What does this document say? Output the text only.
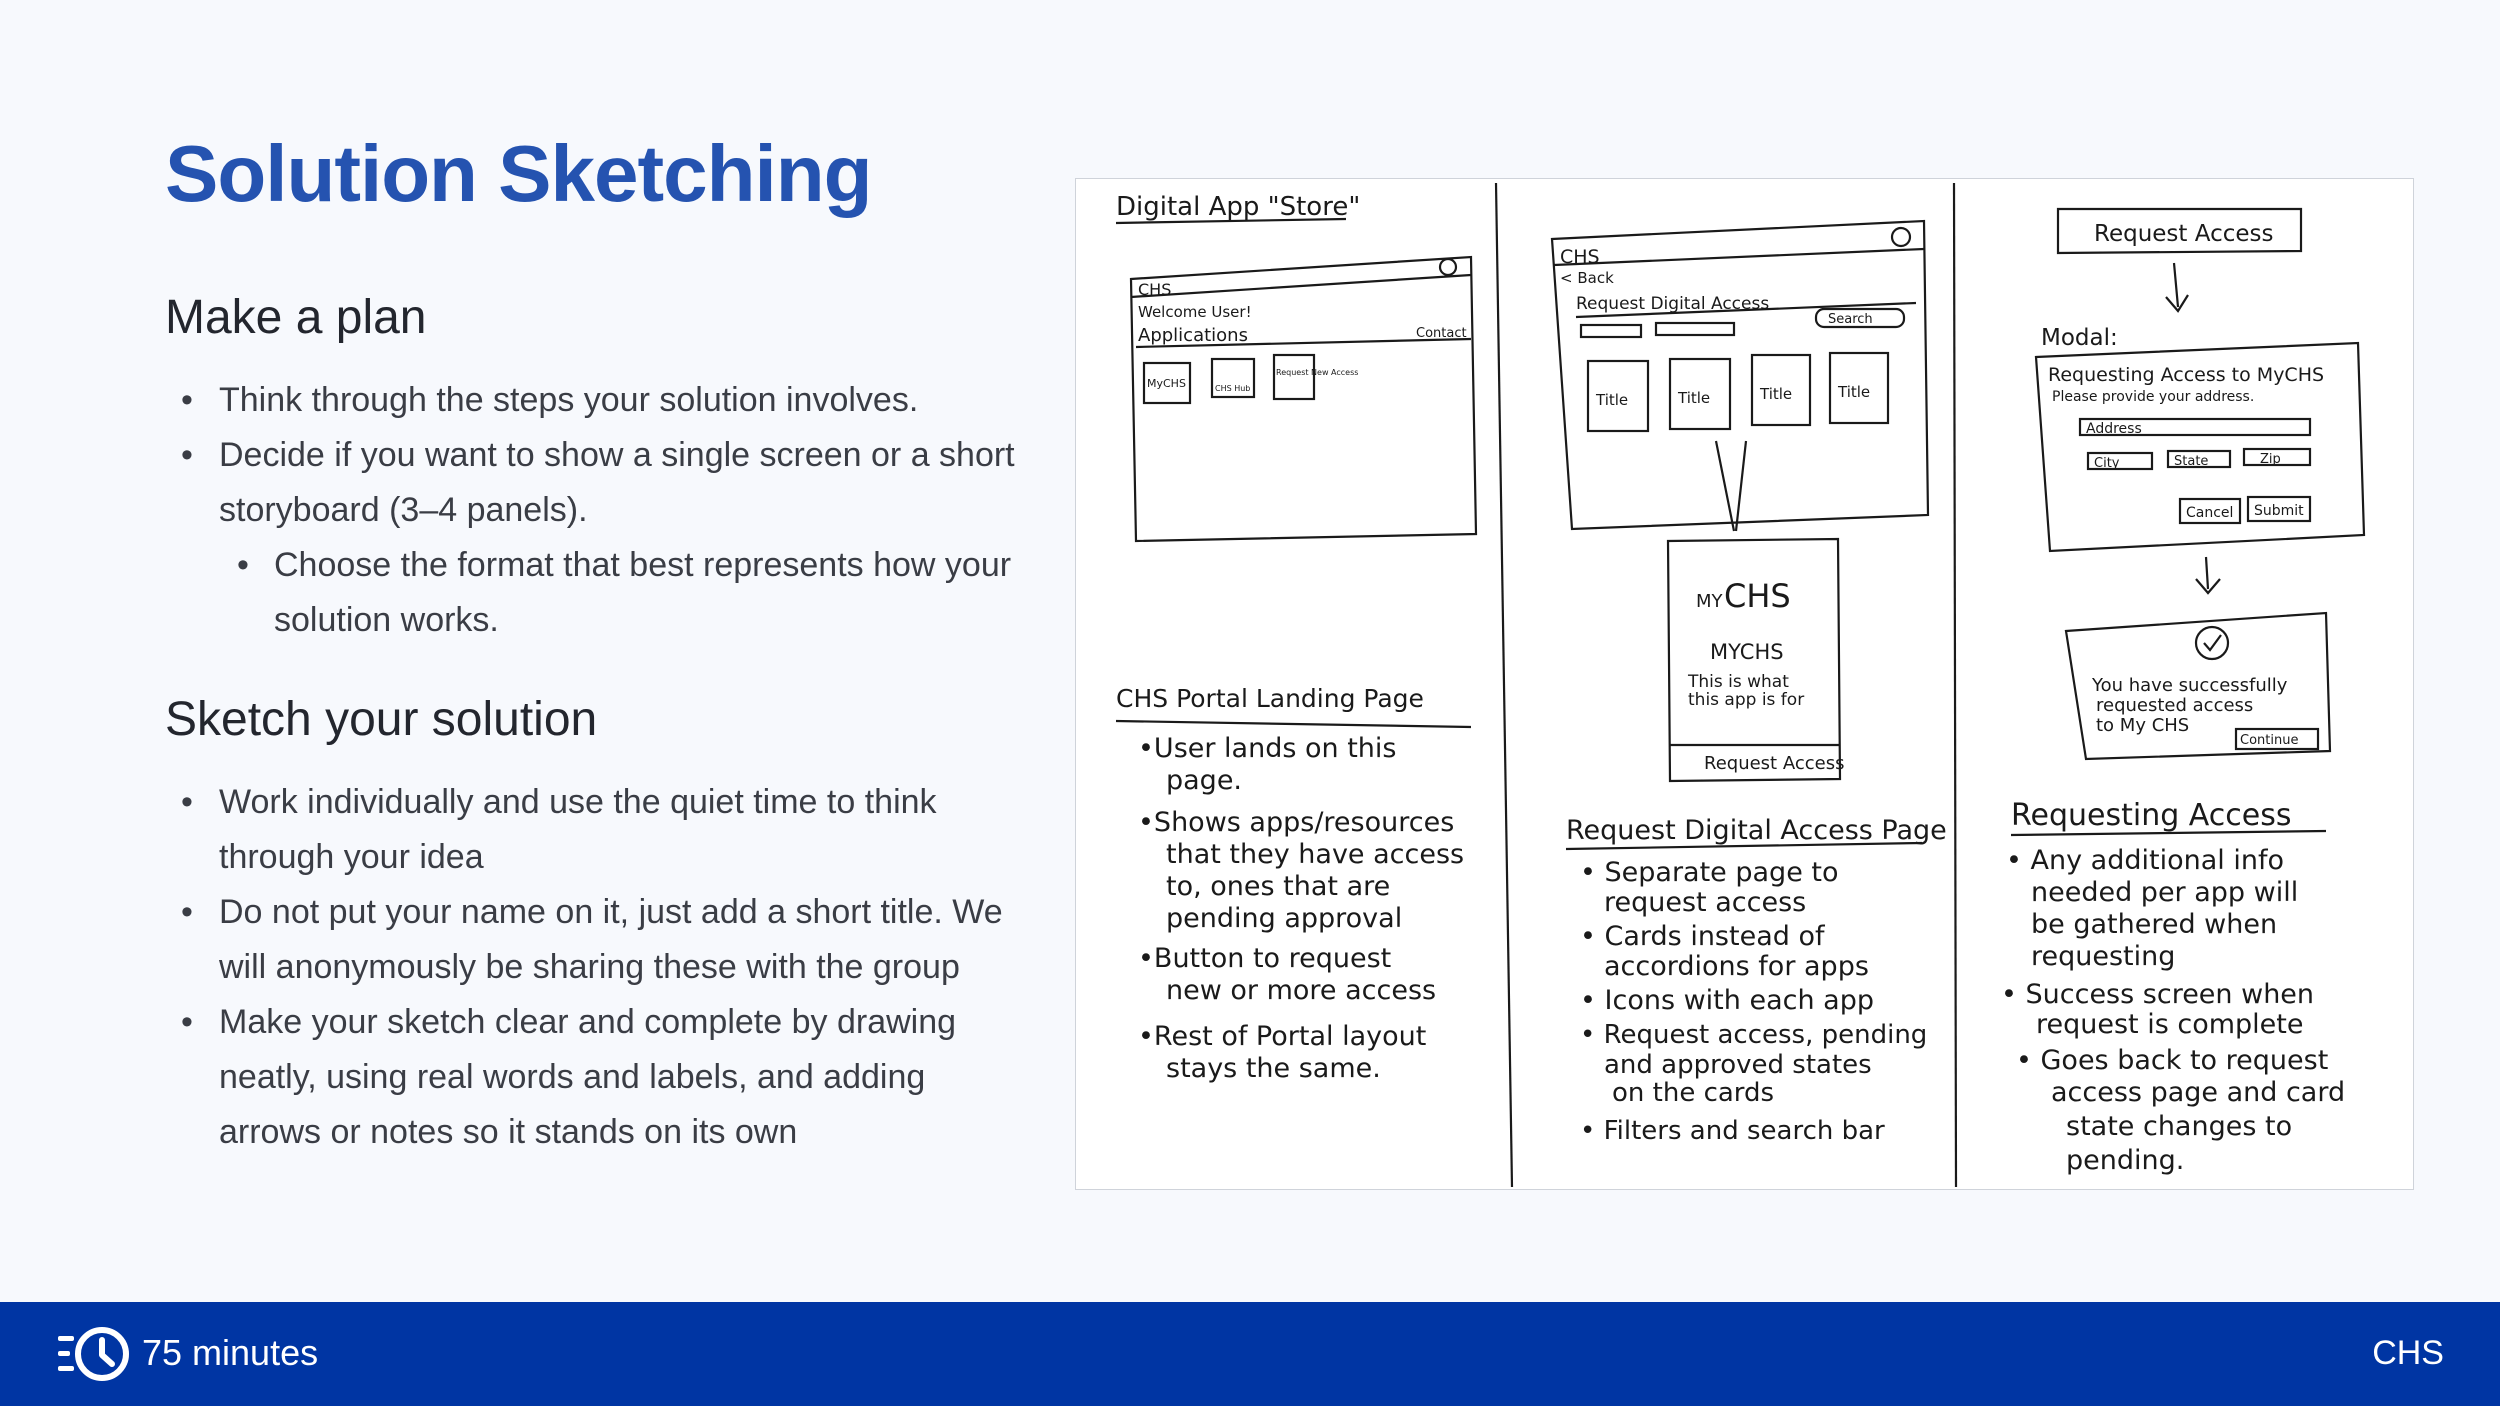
Solution Sketching
Make a plan
• Think through the steps your solution involves.
• Decide if you want to show a single screen or a short storyboard (3–4 panels).
• Choose the format that best represents how your solution works.
Sketch your solution
• Work individually and use the quiet time to think through your idea
• Do not put your name on it, just add a short title. We will anonymously be sharing these with the group
• Make your sketch clear and complete by drawing neatly, using real words and labels, and adding arrows or notes so it stands on its own
Digital App "Store"
CHS
Welcome User!
Applications	Contact
MyCHS	CHS Hub
Request New Access
CHS Portal Landing Page
•User lands on this
page.
•Shows apps/resources
that they have access
to, ones that are
pending approval
•Button to request
new or more access
•Rest of Portal layout
stays the same.
CHS
< Back
Request Digital Access
Search
Title	Title	Title	Title
MY CHS
MYCHS
This is what
this app is for
Request Access
Request Digital Access Page
• Separate page to
request access
• Cards instead of
accordions for apps
• Icons with each app
• Request access, pending
and approved states
on the cards
• Filters and search bar
Request Access
Modal:
Requesting Access to MyCHS
Please provide your address.
Address
City	State	Zip
Cancel Submit
You have successfully
requested access
to My CHS
Continue
Requesting Access
• Any additional info
needed per app will
be gathered when
requesting
• Success screen when
request is complete
• Goes back to request
access page and card
state changes to
pending.
75 minutes	CHS
